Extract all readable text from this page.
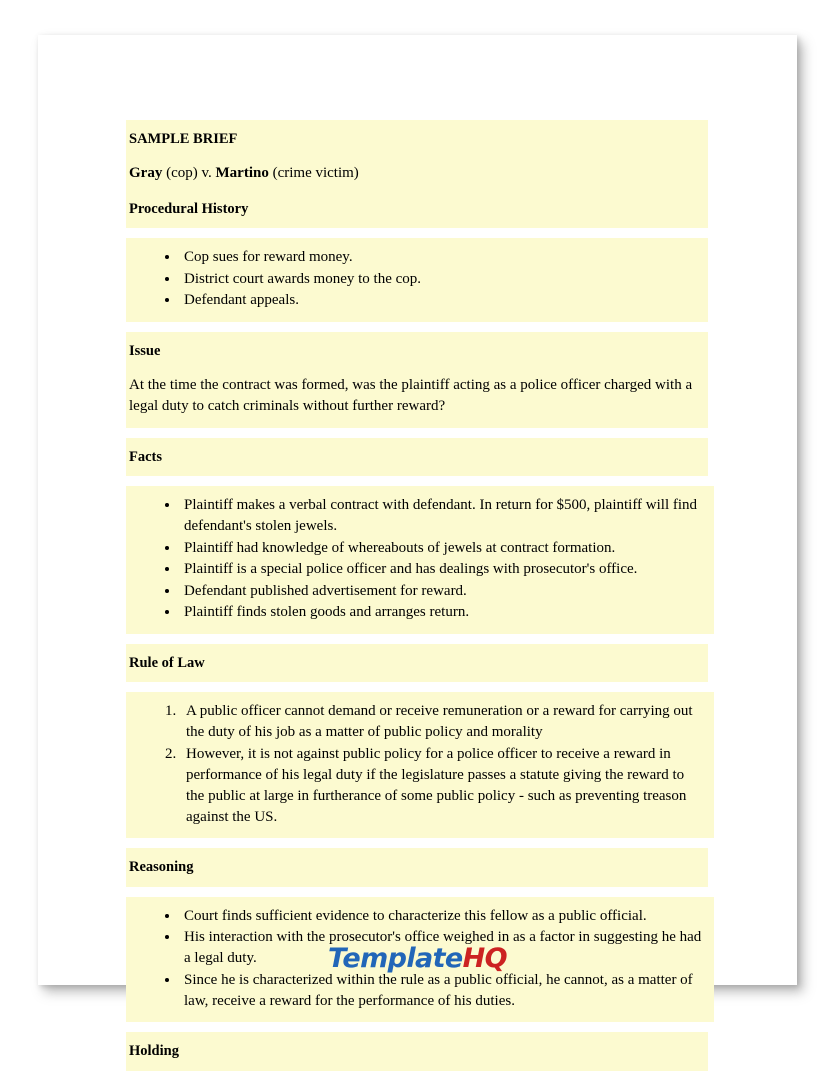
SAMPLE BRIEF
Gray (cop) v. Martino (crime victim)
Procedural History
• Cop sues for reward money.
• District court awards money to the cop.
• Defendant appeals.
Issue
At the time the contract was formed, was the plaintiff acting as a police officer charged with a legal duty to catch criminals without further reward?
Facts
• Plaintiff makes a verbal contract with defendant. In return for $500, plaintiff will find defendant's stolen jewels.
• Plaintiff had knowledge of whereabouts of jewels at contract formation.
• Plaintiff is a special police officer and has dealings with prosecutor's office.
• Defendant published advertisement for reward.
• Plaintiff finds stolen goods and arranges return.
Rule of Law
1. A public officer cannot demand or receive remuneration or a reward for carrying out the duty of his job as a matter of public policy and morality
2. However, it is not against public policy for a police officer to receive a reward in performance of his legal duty if the legislature passes a statute giving the reward to the public at large in furtherance of some public policy - such as preventing treason against the US.
Reasoning
• Court finds sufficient evidence to characterize this fellow as a public official.
• His interaction with the prosecutor's office weighed in as a factor in suggesting he had a legal duty.
• Since he is characterized within the rule as a public official, he cannot, as a matter of law, receive a reward for the performance of his duties.
Holding
TemplateHQ
